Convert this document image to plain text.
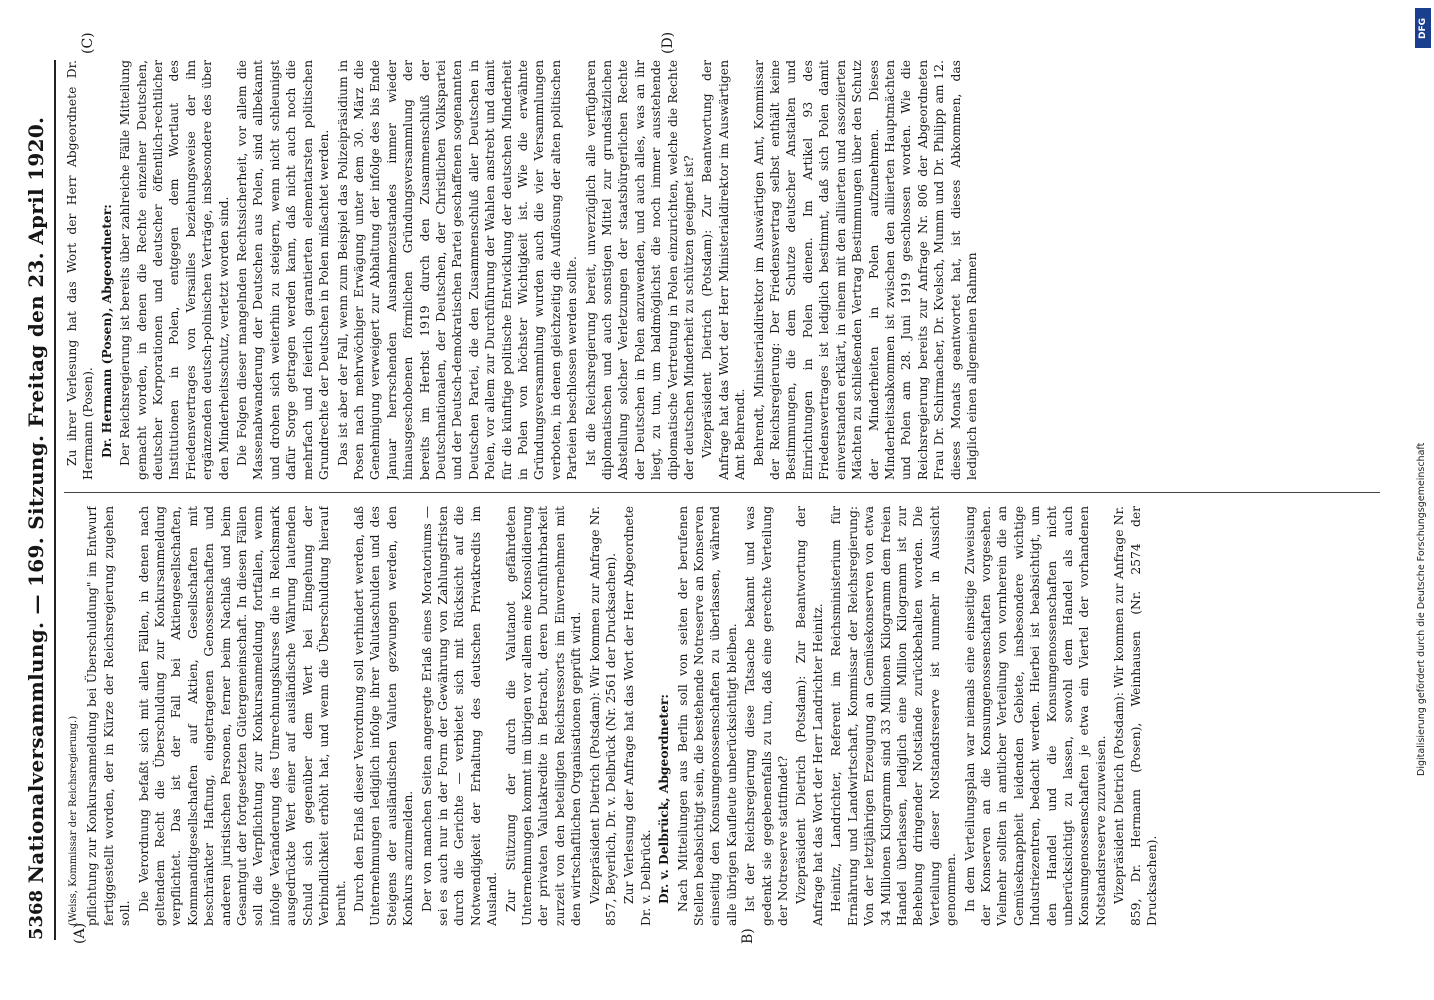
5368
Nationalversammlung. — 169. Sitzung. Freitag den 23. April 1920.
(A)	B)
(C)	(D)

(Weiss, Kommissar der Reichsregierung.) pflichtung zur Konkursanmeldung bei Überschuldung" im Entwurf fertiggestellt worden, der in Kürze der Reichsregierung zugehen soll.

Die Verordnung befaßt sich mit allen Fällen, in denen nach geltendem Recht die Überschuldung zur Konkursanmeldung verpflichtet. Das ist der Fall bei Aktiengesellschaften, Kommanditgesellschaften auf Aktien, Gesellschaften mit beschränkter Haftung, eingetragenen Genossenschaften und anderen juristischen Personen, ferner beim Nachlaß und beim Gesamtgut der fortgesetzten Gütergemeinschaft. In diesen Fällen soll die Verpflichtung zur Konkursanmeldung fortfallen, wenn infolge Veränderung des Umrechnungskurses die in Reichsmark ausgedrückte Wert einer auf ausländische Währung lautenden Schuld sich gegenüber dem Wert bei Eingehung der Verbindlichkeit erhöht hat, und wenn die Überschuldung hierauf beruht. Durch den Erlaß dieser Verordnung soll verhindert werden, daß Unternehmungen lediglich infolge ihrer Valutaschulden und des Steigens der ausländischen Valuten gezwungen werden, den Konkurs anzumelden. Der von manchen Seiten angeregte Erlaß eines Moratoriums — sei es auch nur in der Form der Gewährung von Zahlungsfristen durch die Gerichte — verbietet sich mit Rücksicht auf die Notwendigkeit der Erhaltung des deutschen Privatkredits im Ausland. Zur Stützung der durch die Valutanot gefährdeten Unternehmungen kommt im übrigen vor allem eine Konsolidierung der privaten Valutakredite in Betracht, deren Durchführbarkeit zurzeit von den beteiligten Reichsressorts im Einvernehmen mit den wirtschaftlichen Organisationen geprüft wird. Vizepräsident Dietrich (Potsdam): Wir kommen zur Anfrage Nr. 857, Beyerlich, Dr. v. Delbrück (Nr. 2561 der Drucksachen). Zur Verlesung der Anfrage hat das Wort der Herr Abgeordnete Dr. v. Delbrück. Dr. v. Delbrück, Abgeordneter: Nach Mitteilungen aus Berlin soll von seiten der berufenen Stellen beabsichtigt sein, die bestehende Notreserve an Konserven einseitig den Konsumgenossenschaften zu überlassen, während alle übrigen Kaufleute unberücksichtigt bleiben. Ist der Reichsregierung diese Tatsache bekannt und was gedenkt sie gegebenenfalls zu tun, daß eine gerechte Verteilung der Notreserve stattfindet? Vizepräsident Dietrich (Potsdam): Zur Beantwortung der Anfrage hat das Wort der Herr Landrichter Heinitz. Heinitz, Landrichter, Referent im Reichsministerium für Ernährung und Landwirtschaft, Kommissar der Reichsregierung: Von der letztjährigen Erzeugung an Gemüsekonserven von etwa 34 Millionen Kilogramm sind 33 Millionen Kilogramm dem freien Handel überlassen, lediglich eine Million Kilogramm ist zur Behebung dringender Notstände zurückbehalten worden. Die Verteilung dieser Notstandsreserve ist nunmehr in Aussicht genommen. In dem Verteilungsplan war niemals eine einseitige Zuweisung der Konserven an die Konsumgenossenschaften vorgesehen. Vielmehr sollten in amtlicher Verteilung von vornherein die an Gemüseknappheit leidenden Gebiete, insbesondere wichtige Industriezentren, bedacht werden. Hierbei ist beabsichtigt, um den Handel und die Konsumgenossenschaften nicht unberücksichtigt zu lassen, sowohl dem Handel als auch Konsumgenossenschaften je etwa ein Viertel der vorhandenen Notstandsreserve zuzuweisen. Vizepräsident Dietrich (Potsdam): Wir kommen zur Anfrage Nr. 859, Dr. Hermann (Posen), Weinhausen (Nr. 2574 der Drucksachen).

Zu ihrer Verlesung hat das Wort der Herr Abgeordnete Dr. Hermann (Posen). Dr. Hermann (Posen), Abgeordneter: Der Reichsregierung ist bereits über zahlreiche Fälle Mitteilung gemacht worden, in denen die Rechte einzelner Deutschen, deutscher Korporationen und deutscher öffentlich-rechtlicher Institutionen in Polen, entgegen dem Wortlaut des Friedensvertrages von Versailles beziehungsweise der ihn ergänzenden deutsch-polnischen Verträge, insbesondere des über den Minderheitsschutz, verletzt worden sind. Die Folgen dieser mangelnden Rechtssicherheit, vor allem die Massenabwanderung der Deutschen aus Polen, sind allbekannt und drohen sich weiterhin zu steigern, wenn nicht schleunigst dafür Sorge getragen werden kann, daß nicht auch noch die mehrfach und feierlich garantierten elementarsten politischen Grundrechte der Deutschen in Polen mißachtet werden. Das ist aber der Fall, wenn zum Beispiel das Polizeipräsidium in Posen nach mehrwöchiger Erwägung unter dem 30. März die Genehmigung verweigert zur Abhaltung der infolge des bis Ende Januar herrschenden Ausnahmezustandes immer wieder hinausgeschobenen förmlichen Gründungsversammlung der bereits im Herbst 1919 durch den Zusammenschluß der Deutschnationalen, der Deutschen, der Christlichen Volkspartei und der Deutsch-demokratischen Partei geschaffenen sogenannten Deutschen Partei, die den Zusammenschluß aller Deutschen in Polen, vor allem zur Durchführung der Wahlen anstrebt und damit für die künftige politische Entwicklung der deutschen Minderheit in Polen von höchster Wichtigkeit ist. Wie die erwähnte Gründungsversammlung wurden auch die vier Versammlungen verboten, in denen gleichzeitig die Auflösung der alten politischen Parteien beschlossen werden sollte. Ist die Reichsregierung bereit, unverzüglich alle verfügbaren diplomatischen und auch sonstigen Mittel zur grundsätzlichen Abstellung solcher Verletzungen der staatsbürgerlichen Rechte der Deutschen in Polen anzuwenden, und auch alles, was an ihr liegt, zu tun, um baldmöglichst die noch immer ausstehende diplomatische Vertretung in Polen einzurichten, welche die Rechte der deutschen Minderheit zu schützen geeignet ist? Vizepräsident Dietrich (Potsdam): Zur Beantwortung der Anfrage hat das Wort der Herr Ministerialdirektor im Auswärtigen Amt Behrendt. Behrendt, Ministerialdirektor im Auswärtigen Amt, Kommissar der Reichsregierung: Der Friedensvertrag selbst enthält keine Bestimmungen, die dem Schutze deutscher Anstalten und Einrichtungen in Polen dienen. Im Artikel 93 des Friedensvertrages ist lediglich bestimmt, daß sich Polen damit einverstanden erklärt, in einem mit den alliierten und assoziierten Mächten zu schließenden Vertrag Bestimmungen über den Schutz der Minderheiten in Polen aufzunehmen. Dieses Minderheitsabkommen ist zwischen den alliierten Hauptmächten und Polen am 28. Juni 1919 geschlossen worden. Wie die Reichsregierung bereits zur Anfrage Nr. 806 der Abgeordneten Frau Dr. Schirmacher, Dr. Kvelsch, Mumm und Dr. Philipp am 12. dieses Monats geantwortet hat, ist dieses Abkommen, das lediglich einen allgemeinen Rahmen

DFG
Digitalisierung gefördert durch die Deutsche Forschungsgemeinschaft
